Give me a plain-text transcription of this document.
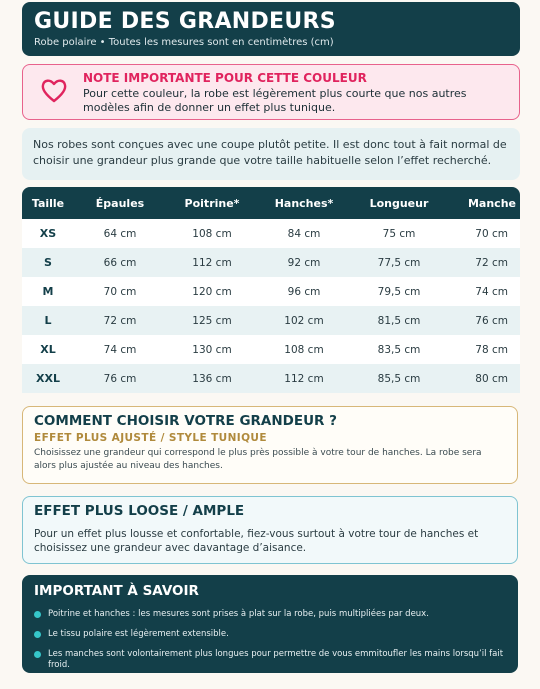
GUIDE DES GRANDEURS
Robe polaire • Toutes les mesures sont en centimètres (cm)
NOTE IMPORTANTE POUR CETTE COULEUR
Pour cette couleur, la robe est légèrement plus courte que nos autres modèles afin de donner un effet plus tunique.
Nos robes sont conçues avec une coupe plutôt petite. Il est donc tout à fait normal de choisir une grandeur plus grande que votre taille habituelle selon l’effet recherché.
Taille	Épaules	Poitrine*	Hanches*	Longueur	Manche
XS	64 cm	108 cm	84 cm	75 cm	70 cm
S	66 cm	112 cm	92 cm	77,5 cm	72 cm
M	70 cm	120 cm	96 cm	79,5 cm	74 cm
L	72 cm	125 cm	102 cm	81,5 cm	76 cm
XL	74 cm	130 cm	108 cm	83,5 cm	78 cm
XXL	76 cm	136 cm	112 cm	85,5 cm	80 cm
COMMENT CHOISIR VOTRE GRANDEUR ?
EFFET PLUS AJUSTÉ / STYLE TUNIQUE
Choisissez une grandeur qui correspond le plus près possible à votre tour de hanches. La robe sera alors plus ajustée au niveau des hanches.
EFFET PLUS LOOSE / AMPLE
Pour un effet plus lousse et confortable, fiez-vous surtout à votre tour de hanches et choisissez une grandeur avec davantage d’aisance.
IMPORTANT À SAVOIR
Poitrine et hanches : les mesures sont prises à plat sur la robe, puis multipliées par deux.
Le tissu polaire est légèrement extensible.
Les manches sont volontairement plus longues pour permettre de vous emmitoufler les mains lorsqu’il fait froid.
